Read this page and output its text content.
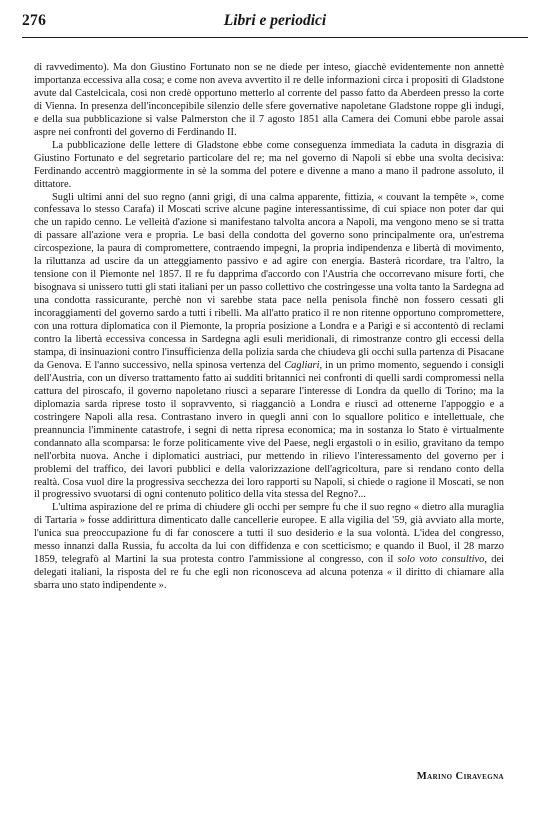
276	Libri e periodici

di ravvedimento). Ma don Giustino Fortunato non se ne diede per inteso, giacchè evidentemente non annettè importanza eccessiva alla cosa; e come non aveva avvertito il re delle informazioni circa i propositi di Gladstone avute dal Castelcicala, così non credè opportuno metterlo al corrente del passo fatto da Aberdeen presso la corte di Vienna. In presenza dell'inconcepibile silenzio delle sfere governative napoletane Gladstone roppe gli indugi, e della sua pubblicazione si valse Palmerston che il 7 agosto 1851 alla Camera dei Comuni ebbe parole assai aspre nei confronti del governo di Ferdinando II.

La pubblicazione delle lettere di Gladstone ebbe come conseguenza immediata la caduta in disgrazia di Giustino Fortunato e del segretario particolare del re; ma nel governo di Napoli si ebbe una svolta decisiva: Ferdinando accentrò maggiormente in sè la somma del potere e divenne a mano a mano il padrone assoluto, il dittatore.

Sugli ultimi anni del suo regno (anni grigi, di una calma apparente, fittizia, « couvant la tempête », come confessava lo stesso Carafa) il Moscati scrive alcune pagine interessantissime, di cui spiace non poter dar qui che un rapido cenno. Le velleità d'azione si manifestano talvolta ancora a Napoli, ma vengono meno se si tratta di passare all'azione vera e propria. Le basi della condotta del governo sono principalmente ora, un'estrema circospezione, la paura di compromettere, contraendo impegni, la propria indipendenza e libertà di movimento, la riluttanza ad uscire da un atteggiamento passivo e ad agire con energia. Basterà ricordare, tra l'altro, la tensione con il Piemonte nel 1857. Il re fu dapprima d'accordo con l'Austria che occorrevano misure forti, che bisognava si unissero tutti gli stati italiani per un passo collettivo che costringesse una volta tanto la Sardegna ad una condotta rassicurante, perchè non vi sarebbe stata pace nella penisola finchè non fossero cessati gli incoraggiamenti del governo sardo a tutti i ribelli. Ma all'atto pratico il re non ritenne opportuno compromettere, con una rottura diplomatica con il Piemonte, la propria posizione a Londra e a Parigi e si accontentò di reclami contro la libertà eccessiva concessa in Sardegna agli esuli meridionali, di rimostranze contro gli eccessi della stampa, di insinuazioni contro l'insufficienza della polizia sarda che chiudeva gli occhi sulla partenza di Pisacane da Genova. E l'anno successivo, nella spinosa vertenza del Cagliari, in un primo momento, seguendo i consigli dell'Austria, con un diverso trattamento fatto ai sudditi britannici nei confronti di quelli sardi compromessi nella cattura del piroscafo, il governo napoletano riuscì a separare l'interesse di Londra da quello di Torino; ma la diplomazia sarda riprese tosto il sopravvento, si riagganciò a Londra e riuscì ad ottenerne l'appoggio e a costringere Napoli alla resa. Contrastano invero in quegli anni con lo squallore politico e intellettuale, che preannuncia l'imminente catastrofe, i segni di netta ripresa economica; ma in sostanza lo Stato è virtualmente condannato alla scomparsa: le forze politicamente vive del Paese, negli ergastoli o in esilio, gravitano da tempo nell'orbita nuova. Anche i diplomatici austriaci, pur mettendo in rilievo l'interessamento del governo per i problemi del traffico, dei lavori pubblici e della valorizzazione dell'agricoltura, pare si rendano conto della realtà. Cosa vuol dire la progressiva secchezza dei loro rapporti su Napoli, si chiede o ragione il Moscati, se non il progressivo svuotarsi di ogni contenuto politico della vita stessa del Regno?...

L'ultima aspirazione del re prima di chiudere gli occhi per sempre fu che il suo regno « dietro alla muraglia di Tartaria » fosse addirittura dimenticato dalle cancellerie europee. E alla vigilia del '59, già avviato alla morte, l'unica sua preoccupazione fu di far conoscere a tutti il suo desiderio e la sua volontà. L'idea del congresso, messo innanzi dalla Russia, fu accolta da lui con diffidenza e con scetticismo; e quando il Buol, il 28 marzo 1859, telegrafò al Martini la sua protesta contro l'ammissione al congresso, con il solo voto consultivo, dei delegati italiani, la risposta del re fu che egli non riconosceva ad alcuna potenza « il diritto di chiamare alla sbarra uno stato indipendente ».

Marino Ciravegna
